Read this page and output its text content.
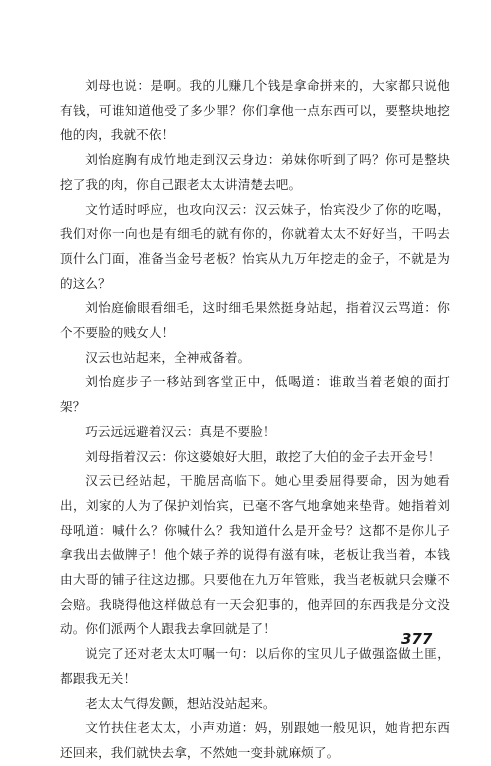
刘母也说：是啊。我的儿赚几个钱是拿命拼来的，大家都只说他有钱，可谁知道他受了多少罪？你们拿他一点东西可以，要整块地挖他的肉，我就不依！

刘怡庭胸有成竹地走到汉云身边：弟妹你听到了吗？你可是整块挖了我的肉，你自己跟老太太讲清楚去吧。

文竹适时呼应，也攻向汉云：汉云妹子，怡宾没少了你的吃喝，我们对你一向也是有细毛的就有你的，你就着太太不好好当，干吗去顶什么门面，准备当金号老板？怡宾从九万年挖走的金子，不就是为的这么？

刘怡庭偷眼看细毛，这时细毛果然挺身站起，指着汉云骂道：你个不要脸的贱女人！

汉云也站起来，全神戒备着。

刘怡庭步子一移站到客堂正中，低喝道：谁敢当着老娘的面打架？

巧云远远避着汉云：真是不要脸！

刘母指着汉云：你这婆娘好大胆，敢挖了大伯的金子去开金号！

汉云已经站起，干脆居高临下。她心里委屈得要命，因为她看出，刘家的人为了保护刘怡宾，已毫不客气地拿她来垫背。她指着刘母吼道：喊什么？你喊什么？我知道什么是开金号？这都不是你儿子拿我出去做牌子！他个婊子养的说得有滋有味，老板让我当着，本钱由大哥的铺子往这边挪。只要他在九万年管账，我当老板就只会赚不会赔。我晓得他这样做总有一天会犯事的，他弄回的东西我是分文没动。你们派两个人跟我去拿回就是了！

说完了还对老太太叮嘱一句：以后你的宝贝儿子做强盗做土匪，都跟我无关！

老太太气得发颤，想站没站起来。

文竹扶住老太太，小声劝道：妈，别跟她一般见识，她肯把东西还回来，我们就快去拿，不然她一变卦就麻烦了。

377
